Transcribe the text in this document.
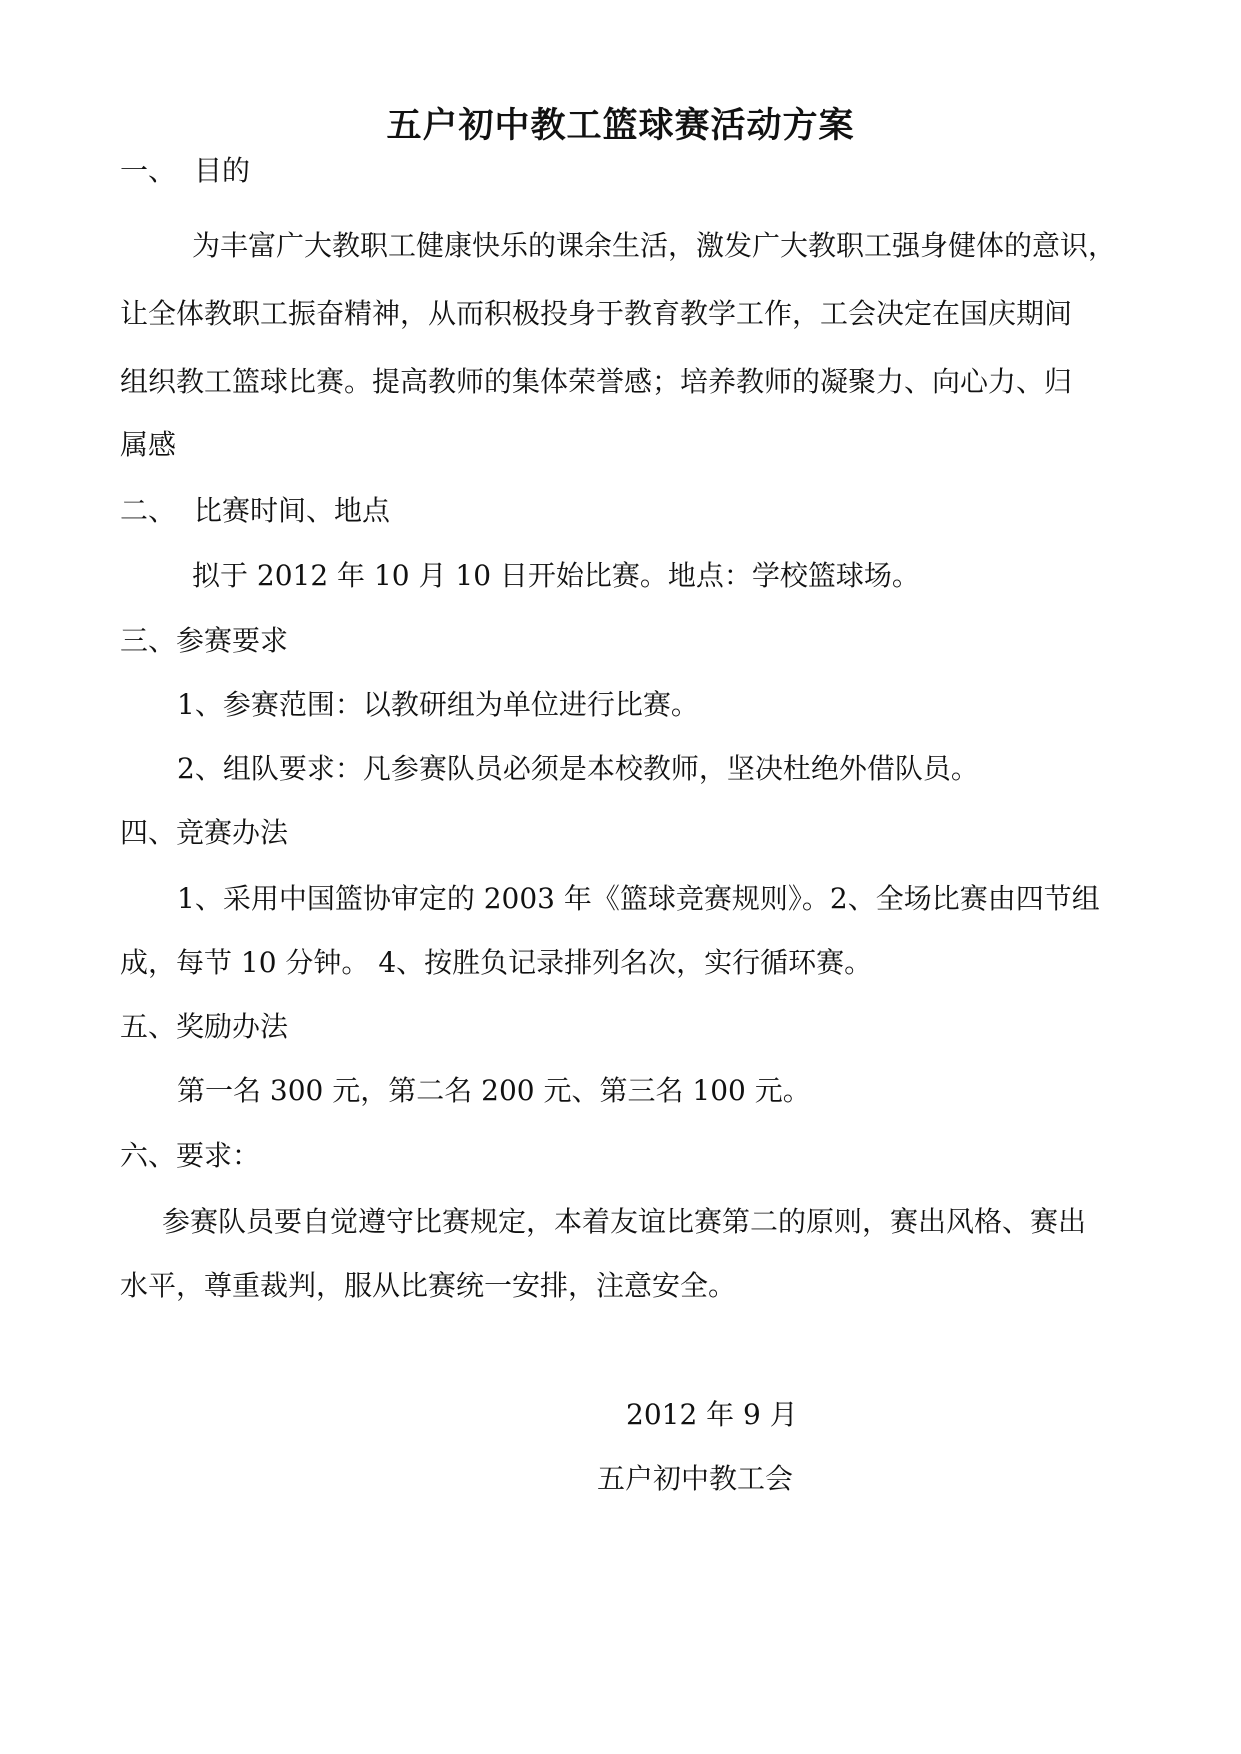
五户初中教工篮球赛活动方案
一、 目的
为丰富广大教职工健康快乐的课余生活，激发广大教职工强身健体的意识，
让全体教职工振奋精神，从而积极投身于教育教学工作，工会决定在国庆期间
组织教工篮球比赛。提高教师的集体荣誉感；培养教师的凝聚力、向心力、归
属感
二、 比赛时间、地点
拟于 2012 年 10 月 10 日开始比赛。地点：学校篮球场。
三、参赛要求
1、参赛范围：以教研组为单位进行比赛。
2、组队要求：凡参赛队员必须是本校教师，坚决杜绝外借队员。
四、竞赛办法
1、采用中国篮协审定的 2003 年《篮球竞赛规则》。2、全场比赛由四节组
成，每节 10 分钟。 4、按胜负记录排列名次，实行循环赛。
五、奖励办法
第一名 300 元，第二名 200 元、第三名 100 元。
六、要求：
参赛队员要自觉遵守比赛规定，本着友谊比赛第二的原则，赛出风格、赛出
水平，尊重裁判，服从比赛统一安排，注意安全。
2012 年 9 月
五户初中教工会
